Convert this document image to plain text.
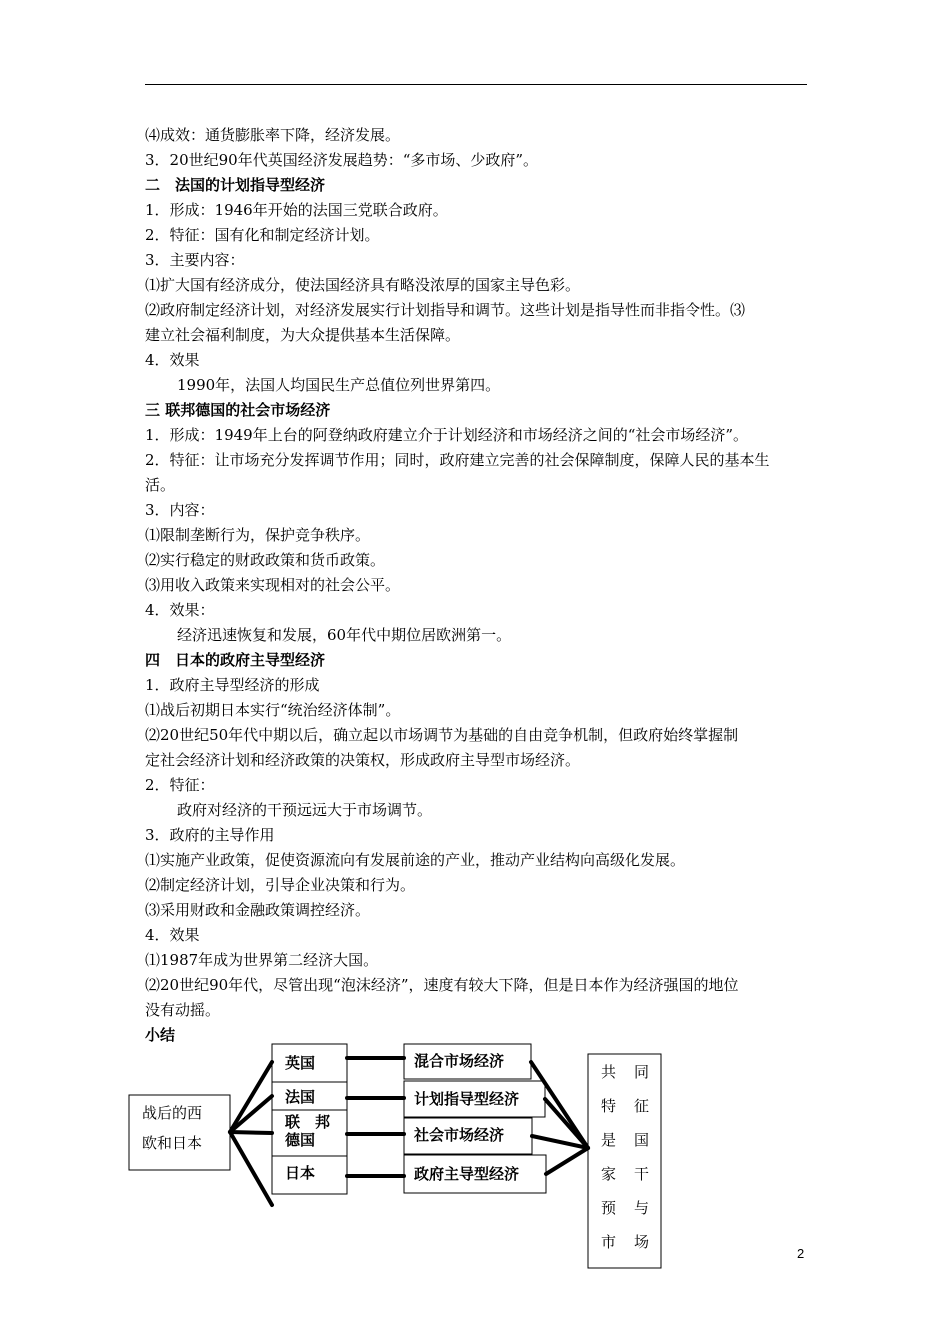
⑷成效：通货膨胀率下降，经济发展。
3．20世纪90年代英国经济发展趋势：“多市场、少政府”。
二　法国的计划指导型经济
1．形成：1946年开始的法国三党联合政府。
2．特征：国有化和制定经济计划。
3．主要内容：
⑴扩大国有经济成分，使法国经济具有略没浓厚的国家主导色彩。
⑵政府制定经济计划，对经济发展实行计划指导和调节。这些计划是指导性而非指令性。⑶
建立社会福利制度，为大众提供基本生活保障。
4．效果
1990年，法国人均国民生产总值位列世界第四。
三 联邦德国的社会市场经济
1．形成：1949年上台的阿登纳政府建立介于计划经济和市场经济之间的“社会市场经济”。
2．特征：让市场充分发挥调节作用；同时，政府建立完善的社会保障制度，保障人民的基本生
活。
3．内容：
⑴限制垄断行为，保护竞争秩序。
⑵实行稳定的财政政策和货币政策。
⑶用收入政策来实现相对的社会公平。
4．效果：
经济迅速恢复和发展，60年代中期位居欧洲第一。
四　日本的政府主导型经济
1．政府主导型经济的形成
⑴战后初期日本实行“统治经济体制”。
⑵20世纪50年代中期以后，确立起以市场调节为基础的自由竞争机制，但政府始终掌握制
定社会经济计划和经济政策的决策权，形成政府主导型市场经济。
2．特征：
政府对经济的干预远远大于市场调节。
3．政府的主导作用
⑴实施产业政策，促使资源流向有发展前途的产业，推动产业结构向高级化发展。
⑵制定经济计划，引导企业决策和行为。
⑶采用财政和金融政策调控经济。
4．效果
⑴1987年成为世界第二经济大国。
⑵20世纪90年代，尽管出现“泡沫经济”，速度有较大下降，但是日本作为经济强国的地位
没有动摇。
小结
战后的西
欧和日本
英国
法国
联　邦
德国
日本
混合市场经济
计划指导型经济
社会市场经济
政府主导型经济
共 同
特 征
是 国
家 干
预 与
市 场
2
